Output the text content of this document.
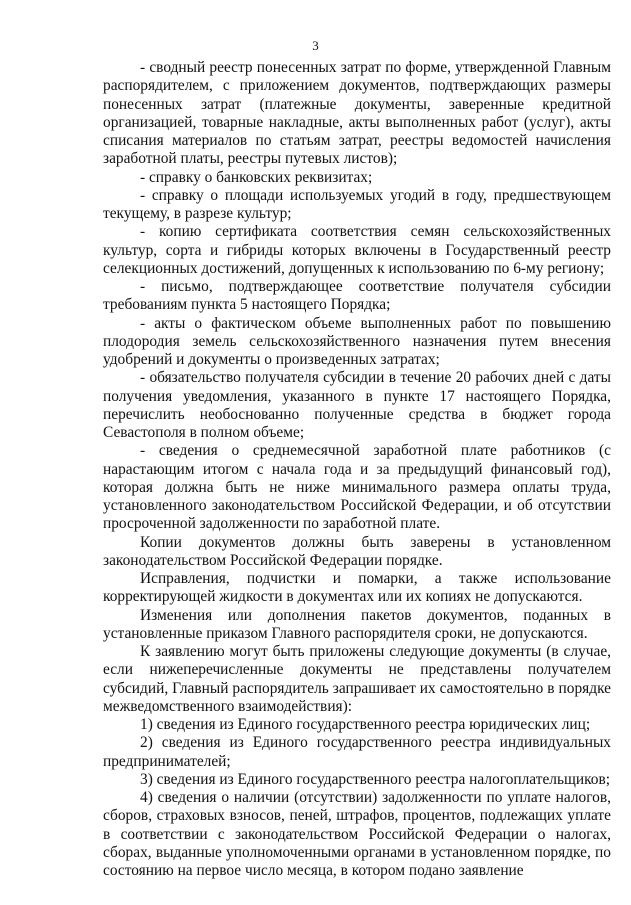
3

- сводный реестр понесенных затрат по форме, утвержденной Главным распорядителем, с приложением документов, подтверждающих размеры понесенных затрат (платежные документы, заверенные кредитной организацией, товарные накладные, акты выполненных работ (услуг), акты списания материалов по статьям затрат, реестры ведомостей начисления заработной платы, реестры путевых листов);

- справку о банковских реквизитах;

- справку о площади используемых угодий в году, предшествующем текущему, в разрезе культур;

- копию сертификата соответствия семян сельскохозяйственных культур, сорта и гибриды которых включены в Государственный реестр селекционных достижений, допущенных к использованию по 6-му региону;

- письмо, подтверждающее соответствие получателя субсидии требованиям пункта 5 настоящего Порядка;

- акты о фактическом объеме выполненных работ по повышению плодородия земель сельскохозяйственного назначения путем внесения удобрений и документы о произведенных затратах;

- обязательство получателя субсидии в течение 20 рабочих дней с даты получения уведомления, указанного в пункте 17 настоящего Порядка, перечислить необоснованно полученные средства в бюджет города Севастополя в полном объеме;

- сведения о среднемесячной заработной плате работников (с нарастающим итогом с начала года и за предыдущий финансовый год), которая должна быть не ниже минимального размера оплаты труда, установленного законодательством Российской Федерации, и об отсутствии просроченной задолженности по заработной плате.

Копии документов должны быть заверены в установленном законодательством Российской Федерации порядке.

Исправления, подчистки и помарки, а также использование корректирующей жидкости в документах или их копиях не допускаются.

Изменения или дополнения пакетов документов, поданных в установленные приказом Главного распорядителя сроки, не допускаются.

К заявлению могут быть приложены следующие документы (в случае, если нижеперечисленные документы не представлены получателем субсидий, Главный распорядитель запрашивает их самостоятельно в порядке межведомственного взаимодействия):

1) сведения из Единого государственного реестра юридических лиц;

2) сведения из Единого государственного реестра индивидуальных предпринимателей;

3) сведения из Единого государственного реестра налогоплательщиков;

4) сведения о наличии (отсутствии) задолженности по уплате налогов, сборов, страховых взносов, пеней, штрафов, процентов, подлежащих уплате в соответствии с законодательством Российской Федерации о налогах, сборах, выданные уполномоченными органами в установленном порядке, по состоянию на первое число месяца, в котором подано заявление
